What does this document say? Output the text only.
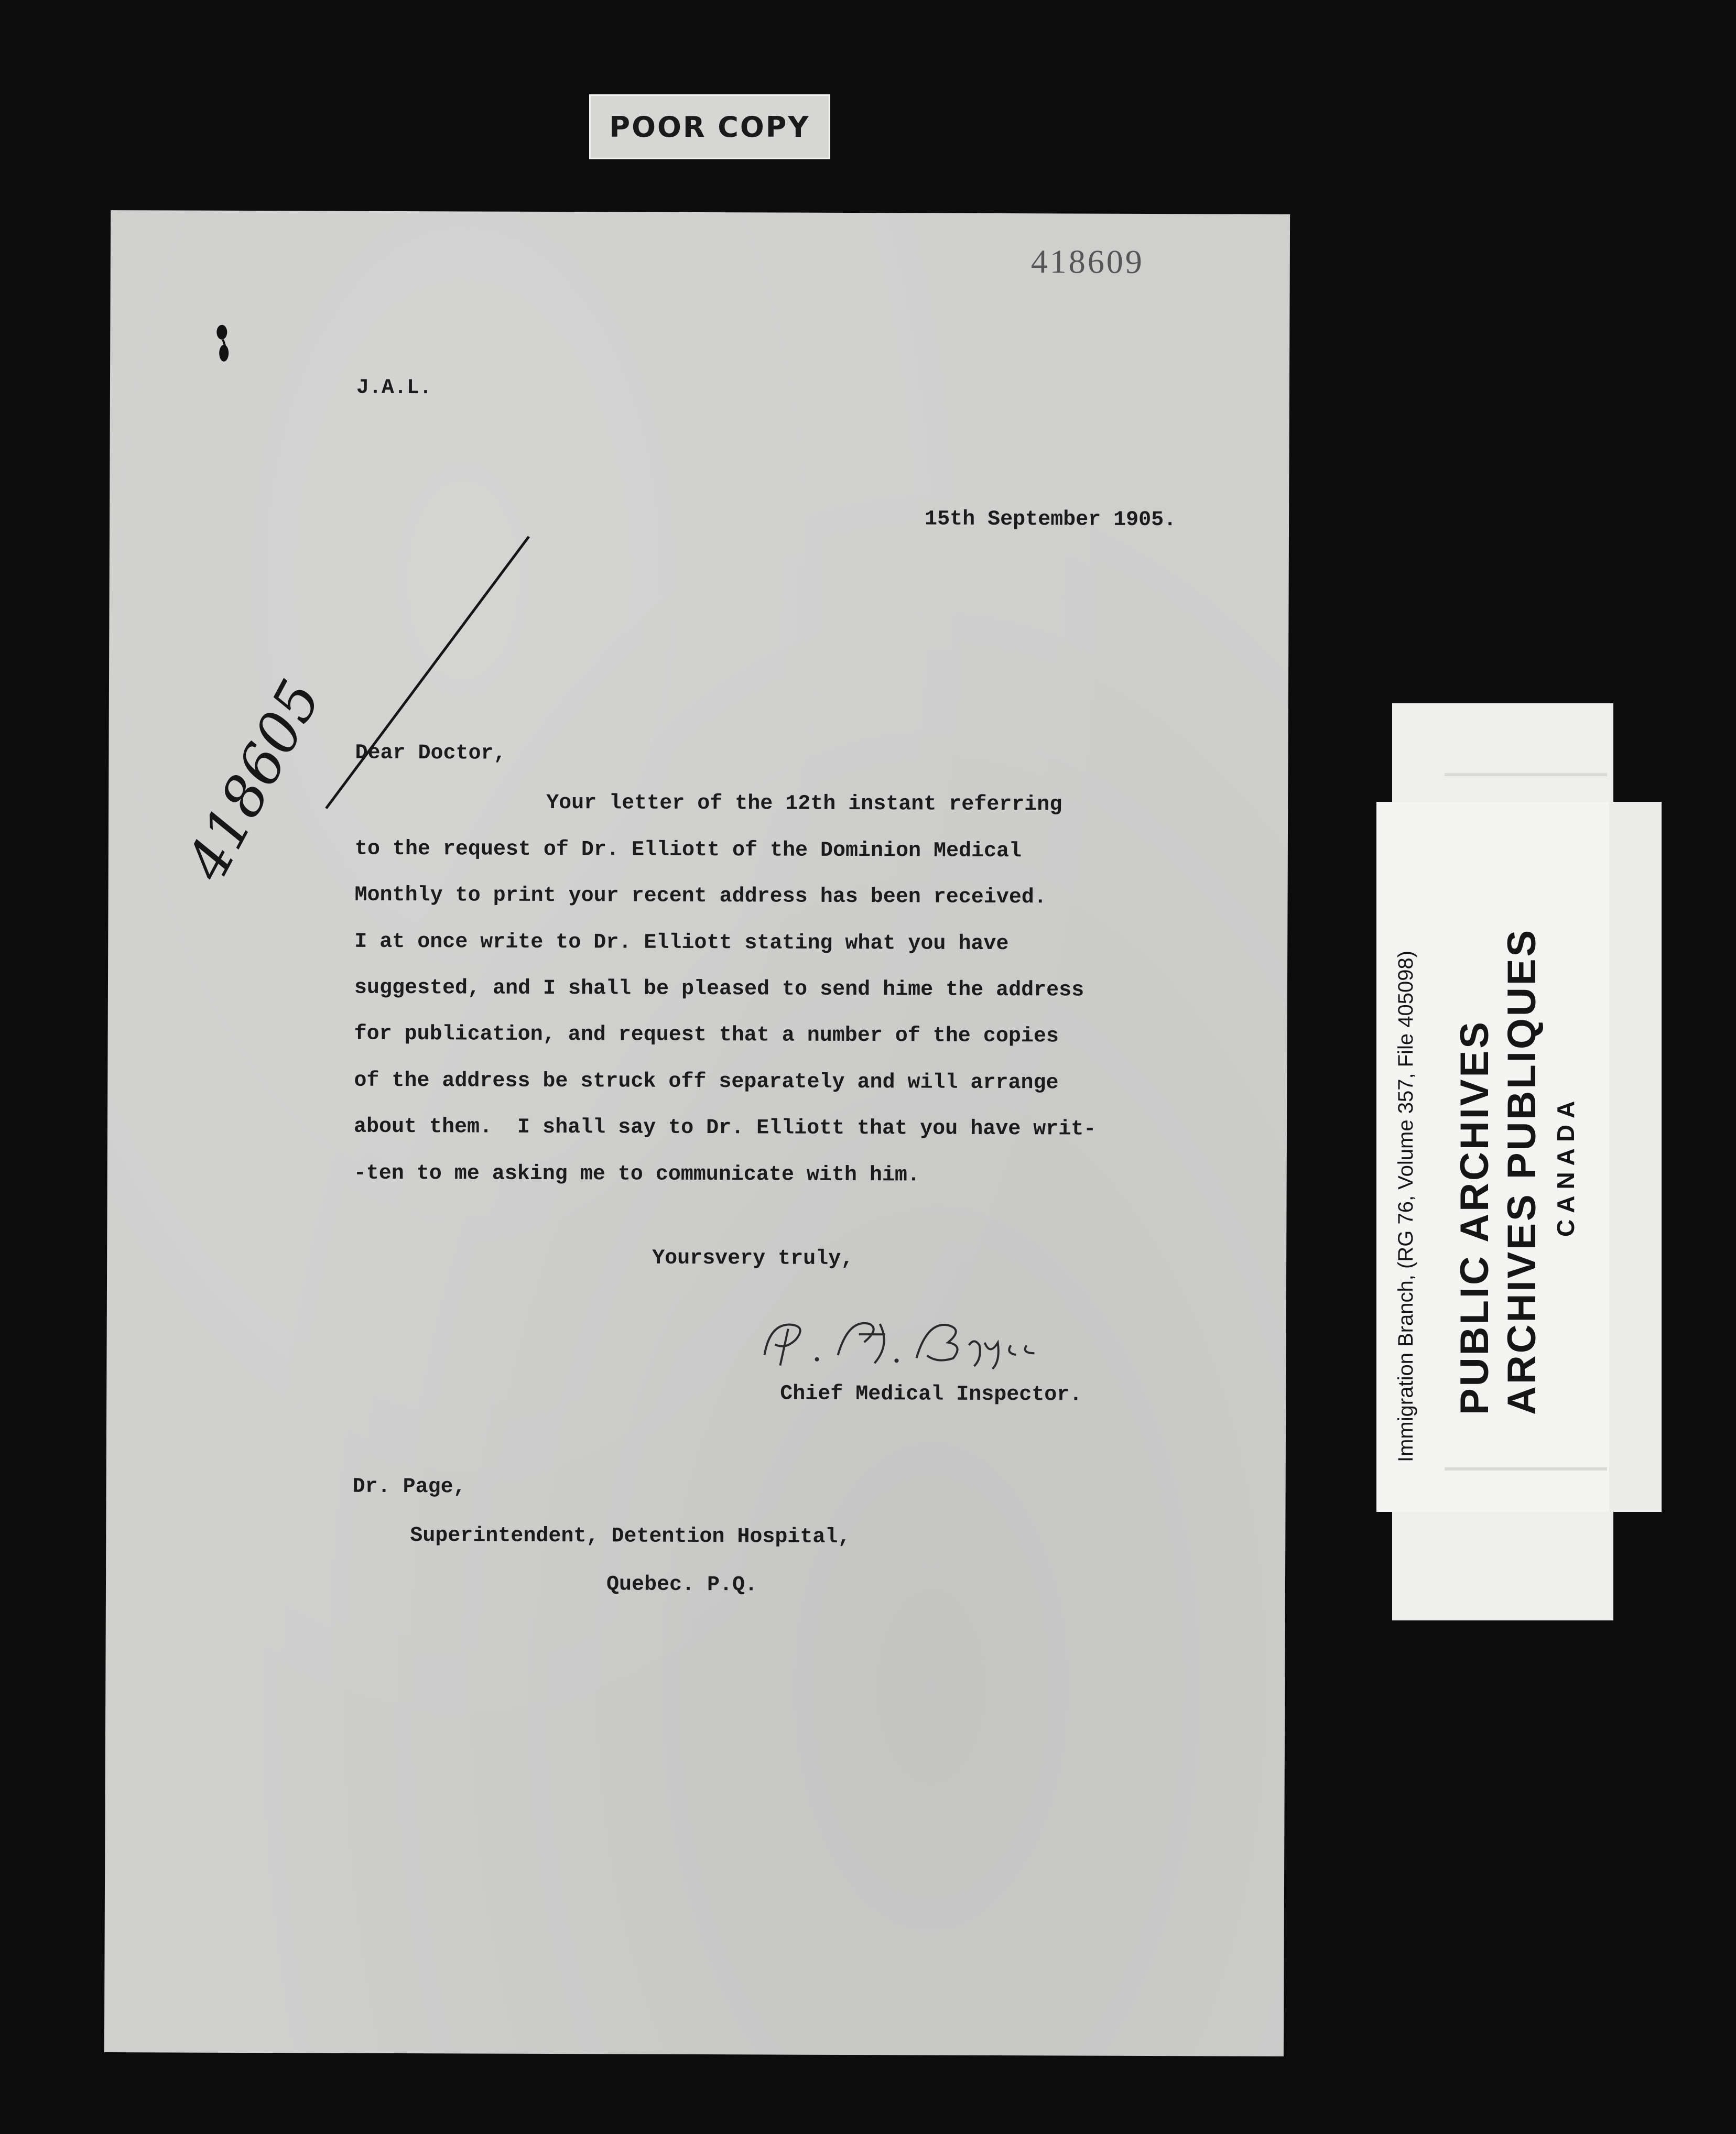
POOR COPY
418609
J.A.L.
15th September 1905.
418605 Dear Doctor,
Your letter of the 12th instant referring
to the request of Dr. Elliott of the Dominion Medical
Monthly to print your recent address has been received.
I at once write to Dr. Elliott stating what you have
suggested, and I shall be pleased to send hime the address
for publication, and request that a number of the copies
of the address be struck off separately and will arrange
about them.  I shall say to Dr. Elliott that you have writ-
-ten to me asking me to communicate with him.
Yoursvery truly,
Chief Medical Inspector.
Dr. Page,
Superintendent, Detention Hospital,
Quebec. P.Q.
Immigration Branch, (RG 76, Volume 357, File 405098) PUBLIC ARCHIVES ARCHIVES PUBLIQUES CANADA
